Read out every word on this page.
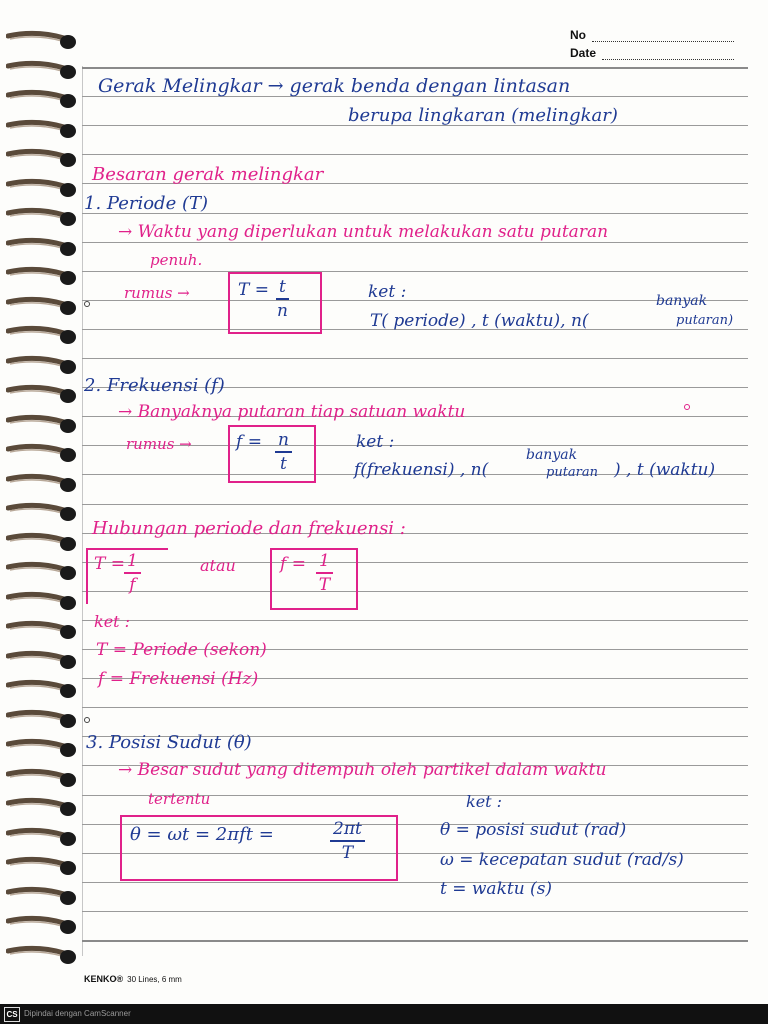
No
Date
Gerak Melingkar → gerak benda dengan lintasan
berupa lingkaran (melingkar)
Besaran gerak melingkar
1. Periode (T)
→ Waktu yang diperlukan untuk melakukan satu putaran
penuh.
rumus →	$T = \frac{t}{n}$	ket :
T( periode) , t (waktu), n(
banyak
putaran)
2. Frekuensi (f)
→ Banyaknya putaran tiap satuan waktu
rumus →	$f = \frac{n}{t}$	ket :
f(frekuensi) , n(
banyak
putaran ) , t (waktu)
Hubungan periode dan frekuensi :
$T = \frac{1}{f}$	atau	$f = \frac{1}{T}$
ket :
T = Periode (sekon)
f = Frekuensi (Hz)
3. Posisi Sudut (θ)
→ Besar sudut yang ditempuh oleh partikel dalam waktu
tertentu
θ = ωt = 2πft =	$\frac{2\pi t}{T}$
ket :
θ = posisi sudut (rad)
ω = kecepatan sudut (rad/s)
t = waktu (s)
KENKO® 30 Lines, 6 mm
CS Dipindai dengan CamScanner
